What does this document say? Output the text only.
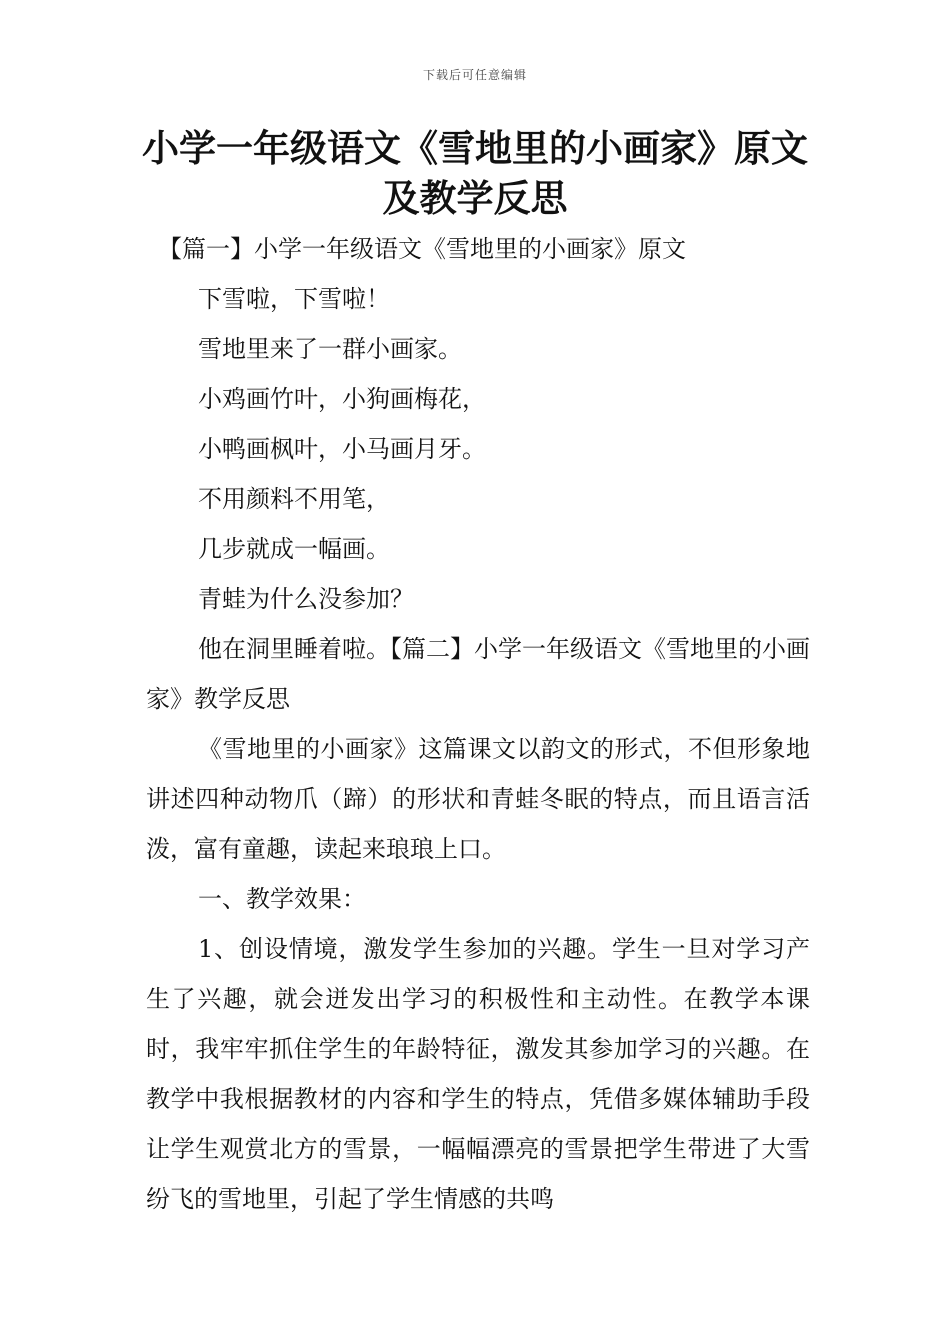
下载后可任意编辑
小学一年级语文《雪地里的小画家》原文及教学反思

【篇一】小学一年级语文《雪地里的小画家》原文

下雪啦，下雪啦！

雪地里来了一群小画家。

小鸡画竹叶，小狗画梅花，

小鸭画枫叶，小马画月牙。

不用颜料不用笔，

几步就成一幅画。

青蛙为什么没参加？

他在洞里睡着啦。【篇二】小学一年级语文《雪地里的小画家》教学反思

《雪地里的小画家》这篇课文以韵文的形式，不但形象地讲述四种动物爪（蹄）的形状和青蛙冬眠的特点，而且语言活泼，富有童趣，读起来琅琅上口。

一、教学效果：

1、创设情境，激发学生参加的兴趣。学生一旦对学习产生了兴趣，就会迸发出学习的积极性和主动性。在教学本课时，我牢牢抓住学生的年龄特征，激发其参加学习的兴趣。在教学中我根据教材的内容和学生的特点，凭借多媒体辅助手段让学生观赏北方的雪景，一幅幅漂亮的雪景把学生带进了大雪纷飞的雪地里，引起了学生情感的共鸣
